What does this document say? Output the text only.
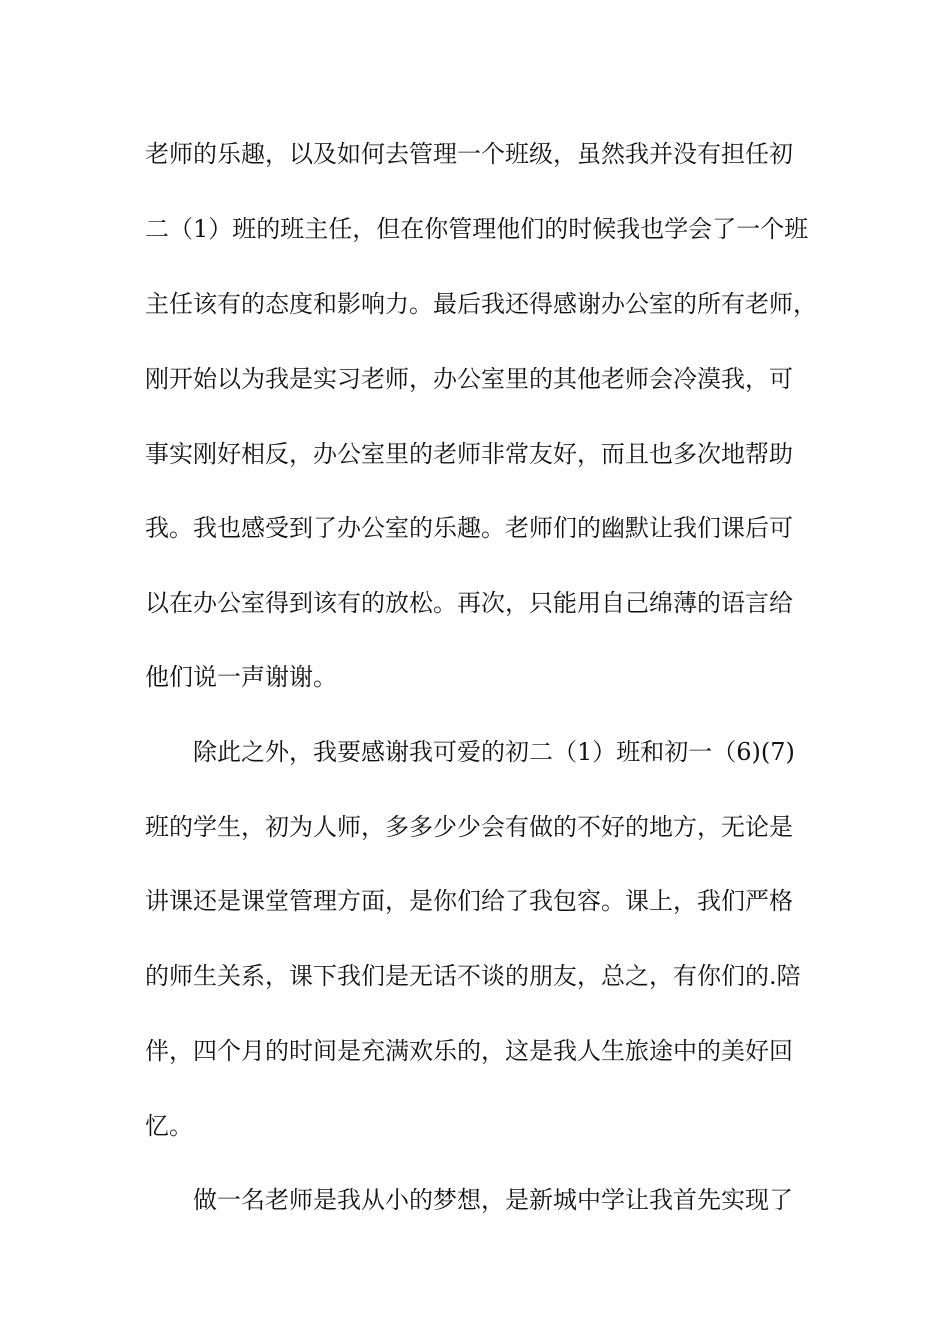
老师的乐趣，以及如何去管理一个班级，虽然我并没有担任初
二（1）班的班主任，但在你管理他们的时候我也学会了一个班
主任该有的态度和影响力。最后我还得感谢办公室的所有老师，
刚开始以为我是实习老师，办公室里的其他老师会冷漠我，可
事实刚好相反，办公室里的老师非常友好，而且也多次地帮助
我。我也感受到了办公室的乐趣。老师们的幽默让我们课后可
以在办公室得到该有的放松。再次，只能用自己绵薄的语言给
他们说一声谢谢。
除此之外，我要感谢我可爱的初二（1）班和初一（6)(7)
班的学生，初为人师，多多少少会有做的不好的地方，无论是
讲课还是课堂管理方面，是你们给了我包容。课上，我们严格
的师生关系，课下我们是无话不谈的朋友，总之，有你们的.陪
伴，四个月的时间是充满欢乐的，这是我人生旅途中的美好回
忆。
做一名老师是我从小的梦想，是新城中学让我首先实现了
